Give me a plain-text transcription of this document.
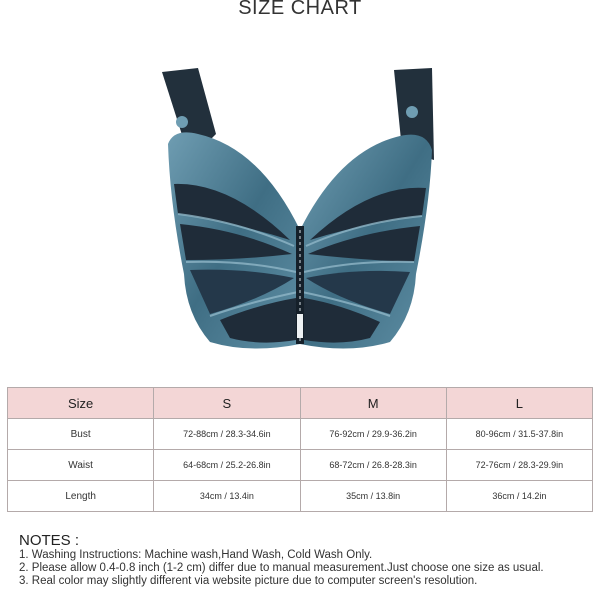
SIZE CHART
Size	S	M	L
Bust	72-88cm / 28.3-34.6in	76-92cm / 29.9-36.2in	80-96cm / 31.5-37.8in
Waist	64-68cm / 25.2-26.8in	68-72cm / 26.8-28.3in	72-76cm / 28.3-29.9in
Length	34cm / 13.4in	35cm / 13.8in	36cm / 14.2in
NOTES :
1. Washing Instructions: Machine wash,Hand Wash, Cold Wash Only.
2. Please allow 0.4-0.8 inch (1-2 cm) differ due to manual measurement.Just choose one size as usual.
3. Real color may slightly different via website picture due to computer screen's resolution.
